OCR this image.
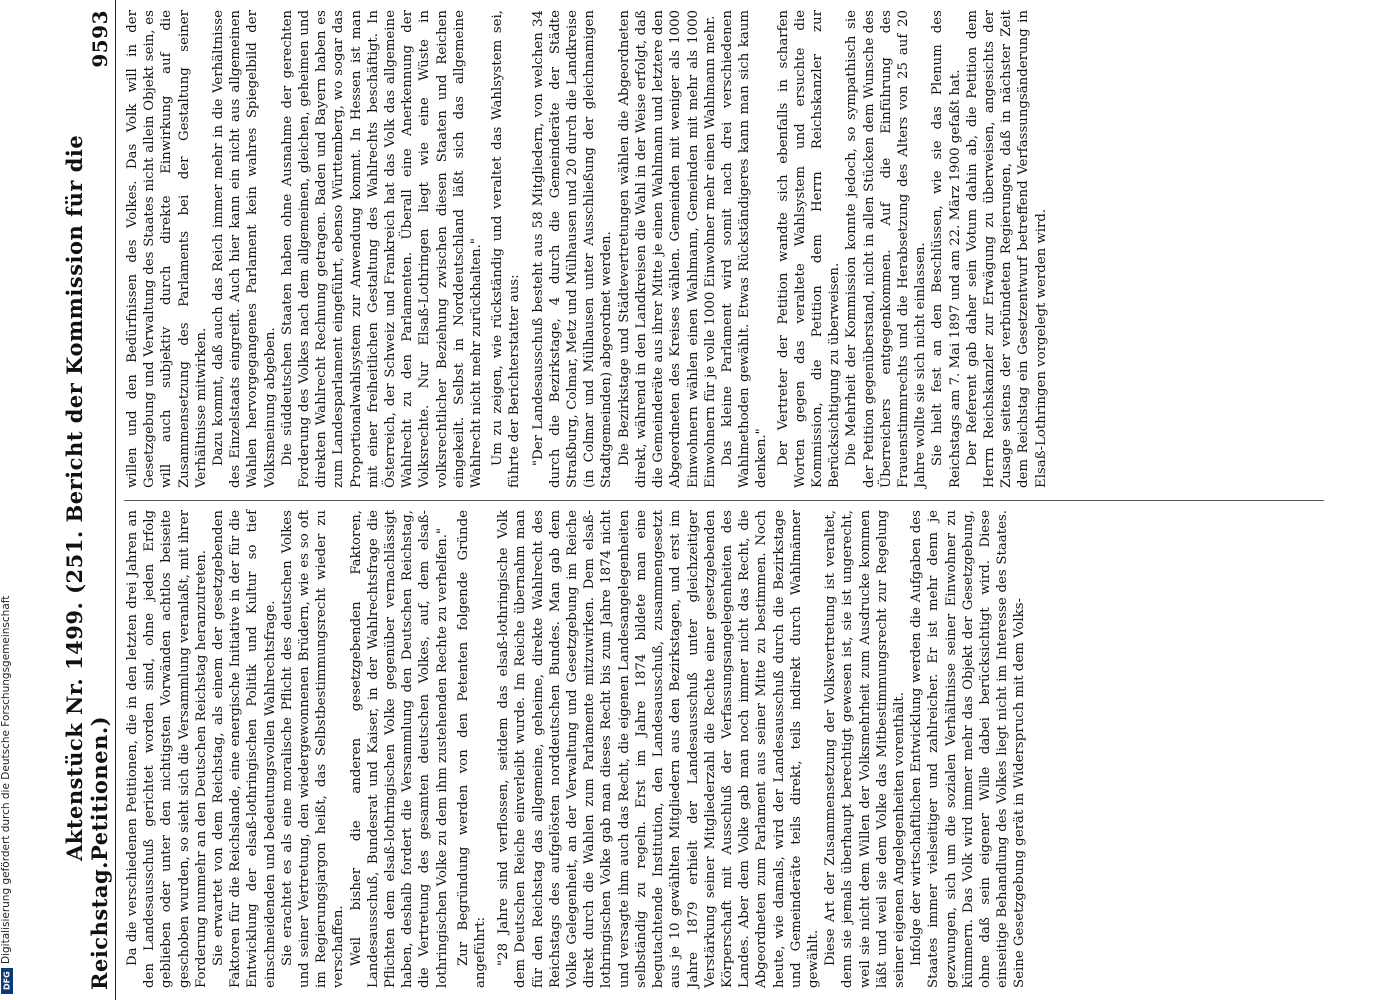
Reichstag.
Aktenstück Nr. 1499. (251. Bericht der Kommission für die Petitionen.)
9593

Da die verschiedenen Petitionen, die in den letzten drei Jahren an den Landesausschuß gerichtet worden sind, ohne jeden Erfolg geblieben oder unter den nichtigsten Vorwänden achtlos beiseite geschoben wurden, so sieht sich die Versammlung veranlaßt, mit ihrer Forderung nunmehr an den Deutschen Reichstag heranzutreten. Sie erwartet von dem Reichstag, als einem der gesetzgebenden Faktoren für die Reichslande, eine energische Initiative in der für die Entwicklung der elsaß-lothringischen Politik und Kultur so tief einschneidenden und bedeutungsvollen Wahlrechtsfrage. Sie erachtet es als eine moralische Pflicht des deutschen Volkes und seiner Vertretung, den wiedergewonnenen Brüdern, wie es so oft im Regierungsjargon heißt, das Selbstbestimmungsrecht wieder zu verschaffen. Weil bisher die anderen gesetzgebenden Faktoren, Landesausschuß, Bundesrat und Kaiser, in der Wahlrechtsfrage die Pflichten dem elsaß-lothringischen Volke gegenüber vernachlässigt haben, deshalb fordert die Versammlung den Deutschen Reichstag, die Vertretung des gesamten deutschen Volkes, auf, dem elsaß-lothringischen Volke zu dem ihm zustehenden Rechte zu verhelfen." Zur Begründung werden von den Petenten folgende Gründe angeführt: "28 Jahre sind verflossen, seitdem das elsaß-lothringische Volk dem Deutschen Reiche einverleibt wurde. Im Reiche übernahm man für den Reichstag das allgemeine, geheime, direkte Wahlrecht des Reichstags des aufgelösten norddeutschen Bundes. Man gab dem Volke Gelegenheit, an der Verwaltung und Gesetzgebung im Reiche direkt durch die Wahlen zum Parlamente mitzuwirken. Dem elsaß-lothringischen Volke gab man dieses Recht bis zum Jahre 1874 nicht und versagte ihm auch das Recht, die eigenen Landesangelegenheiten selbständig zu regeln. Erst im Jahre 1874 bildete man eine begutachtende Institution, den Landesausschuß, zusammengesetzt aus je 10 gewählten Mitgliedern aus den Bezirkstagen, und erst im Jahre 1879 erhielt der Landesausschuß unter gleichzeitiger Verstärkung seiner Mitgliederzahl die Rechte einer gesetzgebenden Körperschaft mit Ausschluß der Verfassungsangelegenheiten des Landes. Aber dem Volke gab man noch immer nicht das Recht, die Abgeordneten zum Parlament aus seiner Mitte zu bestimmen. Noch heute, wie damals, wird der Landesausschuß durch die Bezirkstage und Gemeinderäte teils direkt, teils indirekt durch Wahlmänner gewählt. Diese Art der Zusammensetzung der Volksvertretung ist veraltet, denn sie jemals überhaupt berechtigt gewesen ist, sie ist ungerecht, weil sie nicht dem Willen der Volksmehrheit zum Ausdrucke kommen läßt und weil sie dem Volke das Mitbestimmungsrecht zur Regelung seiner eigenen Angelegenheiten vorenthält. Infolge der wirtschaftlichen Entwicklung werden die Aufgaben des Staates immer vielseitiger und zahlreicher. Er ist mehr denn je gezwungen, sich um die sozialen Verhältnisse seiner Einwohner zu kümmern. Das Volk wird immer mehr das Objekt der Gesetzgebung, ohne daß sein eigener Wille dabei berücksichtigt wird. Diese einseitige Behandlung des Volkes liegt nicht im Interesse des Staates. Seine Gesetzgebung gerät in Widerspruch mit dem Volks-

willen und den Bedürfnissen des Volkes. Das Volk will in der Gesetzgebung und Verwaltung des Staates nicht allein Objekt sein, es will auch subjektiv durch direkte Einwirkung auf die Zusammensetzung des Parlaments bei der Gestaltung seiner Verhältnisse mitwirken. Dazu kommt, daß auch das Reich immer mehr in die Verhältnisse des Einzelstaats eingreift. Auch hier kann ein nicht aus allgemeinen Wahlen hervorgegangenes Parlament kein wahres Spiegelbild der Volksmeinung abgeben. Die süddeutschen Staaten haben ohne Ausnahme der gerechten Forderung des Volkes nach dem allgemeinen, gleichen, geheimen und direkten Wahlrecht Rechnung getragen. Baden und Bayern haben es zum Landesparlament eingeführt, ebenso Württemberg, wo sogar das Proportionalwahlsystem zur Anwendung kommt. In Hessen ist man mit einer freiheitlichen Gestaltung des Wahlrechts beschäftigt. In Österreich, der Schweiz und Frankreich hat das Volk das allgemeine Wahlrecht zu den Parlamenten. Überall eine Anerkennung der Volksrechte. Nur Elsaß-Lothringen liegt wie eine Wüste in volksrechtlicher Beziehung zwischen diesen Staaten und Reichen eingekeilt. Selbst in Norddeutschland läßt sich das allgemeine Wahlrecht nicht mehr zurückhalten." Um zu zeigen, wie rückständig und veraltet das Wahlsystem sei, führte der Berichterstatter aus: "Der Landesausschuß besteht aus 58 Mitgliedern, von welchen 34 durch die Bezirkstage, 4 durch die Gemeinderäte der Städte Straßburg, Colmar, Metz und Mülhausen und 20 durch die Landkreise (in Colmar und Mülhausen unter Ausschließung der gleichnamigen Stadtgemeinden) abgeordnet werden. Die Bezirkstage und Städtevertretungen wählen die Abgeordneten direkt, während in den Landkreisen die Wahl in der Weise erfolgt, daß die Gemeinderäte aus ihrer Mitte je einen Wahlmann und letztere den Abgeordneten des Kreises wählen. Gemeinden mit weniger als 1000 Einwohnern wählen einen Wahlmann, Gemeinden mit mehr als 1000 Einwohnern für je volle 1000 Einwohner mehr einen Wahlmann mehr. Das kleine Parlament wird somit nach drei verschiedenen Wahlmethoden gewählt. Etwas Rückständigeres kann man sich kaum denken." Der Vertreter der Petition wandte sich ebenfalls in scharfen Worten gegen das veraltete Wahlsystem und ersuchte die Kommission, die Petition dem Herrn Reichskanzler zur Berücksichtigung zu überweisen. Die Mehrheit der Kommission konnte jedoch, so sympathisch sie der Petition gegenüberstand, nicht in allen Stücken dem Wunsche des Überreichers entgegenkommen. Auf die Einführung des Frauenstimmrechts und die Herabsetzung des Alters von 25 auf 20 Jahre wollte sie sich nicht einlassen. Sie hielt fest an den Beschlüssen, wie sie das Plenum des Reichstags am 7. Mai 1897 und am 22. März 1900 gefaßt hat. Der Referent gab daher sein Votum dahin ab, die Petition dem Herrn Reichskanzler zur Erwägung zu überweisen, angesichts der Zusage seitens der verbündeten Regierungen, daß in nächster Zeit dem Reichstag ein Gesetzentwurf betreffend Verfassungsänderung in Elsaß-Lothringen vorgelegt werden wird.

Digitalisierung gefördert durch die Deutsche Forschungsgemeinschaft
DFG
